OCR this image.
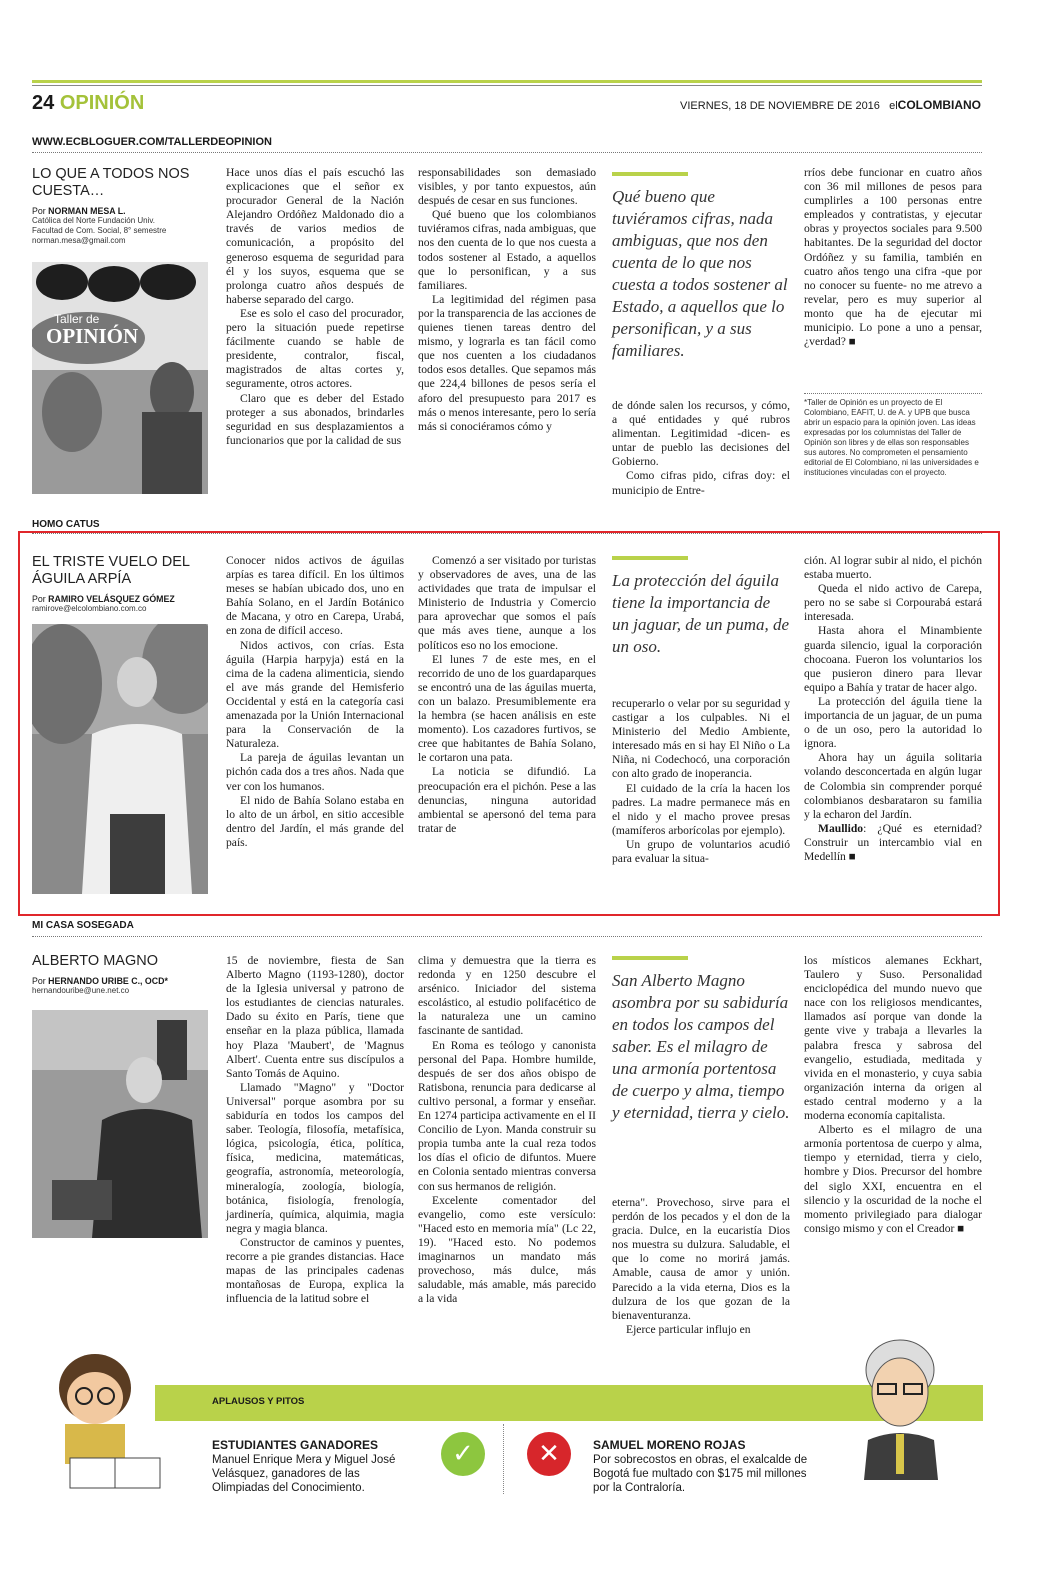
24 OPINIÓN	VIERNES, 18 DE NOVIEMBRE DE 2016 elCOLOMBIANO
WWW.ECBLOGUER.COM/TALLERDEOPINION
LO QUE A TODOS NOS CUESTA…
Por NORMAN MESA L.
Católica del Norte Fundación Univ.
Facultad de Com. Social, 8° semestre
norman.mesa@gmail.com
Taller de
OPINIÓN

Hace unos días el país escuchó las explicaciones que el señor ex procurador General de la Nación Alejandro Ordóñez Maldonado dio a través de varios medios de comunicación, a propósito del generoso esquema de seguridad para él y los suyos, esquema que se prolonga cuatro años después de haberse separado del cargo.

Ese es solo el caso del procurador, pero la situación puede repetirse fácilmente cuando se hable de presidente, contralor, fiscal, magistrados de altas cortes y, seguramente, otros actores.

Claro que es deber del Estado proteger a sus abonados, brindarles seguridad en sus desplazamientos a funcionarios que por la calidad de sus

responsabilidades son demasiado visibles, y por tanto expuestos, aún después de cesar en sus funciones.

Qué bueno que los colombianos tuviéramos cifras, nada ambiguas, que nos den cuenta de lo que nos cuesta a todos sostener al Estado, a aquellos que lo personifican, y a sus familiares.

La legitimidad del régimen pasa por la transparencia de las acciones de quienes tienen tareas dentro del mismo, y lograrla es tan fácil como que nos cuenten a los ciudadanos todos esos detalles. Que sepamos más que 224,4 billones de pesos sería el aforo del presupuesto para 2017 es más o menos interesante, pero lo sería más si conociéramos cómo y

Qué bueno que tuviéramos cifras, nada ambiguas, que nos den cuenta de lo que nos cuesta a todos sostener al Estado, a aquellos que lo personifican, y a sus familiares.

de dónde salen los recursos, y cómo, a qué entidades y qué rubros alimentan. Legitimidad -dicen- es untar de pueblo las decisiones del Gobierno.

Como cifras pido, cifras doy: el municipio de Entre-

rríos debe funcionar en cuatro años con 36 mil millones de pesos para cumplirles a 100 personas entre empleados y contratistas, y ejecutar obras y proyectos sociales para 9.500 habitantes. De la seguridad del doctor Ordóñez y su familia, también en cuatro años tengo una cifra -que por no conocer su fuente- no me atrevo a revelar, pero es muy superior al monto que ha de ejecutar mi municipio. Lo pone a uno a pensar, ¿verdad? ■

*Taller de Opinión es un proyecto de El Colombiano, EAFIT, U. de A. y UPB que busca abrir un espacio para la opinión joven. Las ideas expresadas por los columnistas del Taller de Opinión son libres y de ellas son responsables sus autores. No comprometen el pensamiento editorial de El Colombiano, ni las universidades e instituciones vinculadas con el proyecto.
HOMO CATUS
EL TRISTE VUELO DEL ÁGUILA ARPÍA
Por RAMIRO VELÁSQUEZ GÓMEZ
ramirove@elcolombiano.com.co

Conocer nidos activos de águilas arpías es tarea difícil. En los últimos meses se habían ubicado dos, uno en Bahía Solano, en el Jardín Botánico de Macana, y otro en Carepa, Urabá, en zona de difícil acceso.

Nidos activos, con crías. Esta águila (Harpia harpyja) está en la cima de la cadena alimenticia, siendo el ave más grande del Hemisferio Occidental y está en la categoría casi amenazada por la Unión Internacional para la Conservación de la Naturaleza.

La pareja de águilas levantan un pichón cada dos a tres años. Nada que ver con los humanos.

El nido de Bahía Solano estaba en lo alto de un árbol, en sitio accesible dentro del Jardín, el más grande del país.

Comenzó a ser visitado por turistas y observadores de aves, una de las actividades que trata de impulsar el Ministerio de Industria y Comercio para aprovechar que somos el país que más aves tiene, aunque a los políticos eso no los emocione.

El lunes 7 de este mes, en el recorrido de uno de los guardaparques se encontró una de las águilas muerta, con un balazo. Presumiblemente era la hembra (se hacen análisis en este momento). Los cazadores furtivos, se cree que habitantes de Bahía Solano, le cortaron una pata.

La noticia se difundió. La preocupación era el pichón. Pese a las denuncias, ninguna autoridad ambiental se apersonó del tema para tratar de

La protección del águila tiene la importancia de un jaguar, de un puma, de un oso.

recuperarlo o velar por su seguridad y castigar a los culpables. Ni el Ministerio del Medio Ambiente, interesado más en si hay El Niño o La Niña, ni Codechocó, una corporación con alto grado de inoperancia.

El cuidado de la cría la hacen los padres. La madre permanece más en el nido y el macho provee presas (mamíferos arborícolas por ejemplo).

Un grupo de voluntarios acudió para evaluar la situa-

ción. Al lograr subir al nido, el pichón estaba muerto.

Queda el nido activo de Carepa, pero no se sabe si Corpourabá estará interesada.

Hasta ahora el Minambiente guarda silencio, igual la corporación chocoana. Fueron los voluntarios los que pusieron dinero para llevar equipo a Bahía y tratar de hacer algo.

La protección del águila tiene la importancia de un jaguar, de un puma o de un oso, pero la autoridad lo ignora.

Ahora hay un águila solitaria volando desconcertada en algún lugar de Colombia sin comprender porqué colombianos desbarataron su familia y la echaron del Jardín.

Maullido: ¿Qué es eternidad? Construir un intercambio vial en Medellín ■

MI CASA SOSEGADA
ALBERTO MAGNO
Por HERNANDO URIBE C., OCD*
hernandouribe@une.net.co

15 de noviembre, fiesta de San Alberto Magno (1193-1280), doctor de la Iglesia universal y patrono de los estudiantes de ciencias naturales. Dado su éxito en París, tiene que enseñar en la plaza pública, llamada hoy Plaza 'Maubert', de 'Magnus Albert'. Cuenta entre sus discípulos a Santo Tomás de Aquino.

Llamado "Magno" y "Doctor Universal" porque asombra por su sabiduría en todos los campos del saber. Teología, filosofía, metafísica, lógica, psicología, ética, política, física, medicina, matemáticas, geografía, astronomía, meteorología, mineralogía, zoología, biología, botánica, fisiología, frenología, jardinería, química, alquimia, magia negra y magia blanca.

Constructor de caminos y puentes, recorre a pie grandes distancias. Hace mapas de las principales cadenas montañosas de Europa, explica la influencia de la latitud sobre el

clima y demuestra que la tierra es redonda y en 1250 descubre el arsénico. Iniciador del sistema escolástico, al estudio polifacético de la naturaleza une un camino fascinante de santidad.

En Roma es teólogo y canonista personal del Papa. Hombre humilde, después de ser dos años obispo de Ratisbona, renuncia para dedicarse al cultivo personal, a formar y enseñar. En 1274 participa activamente en el II Concilio de Lyon. Manda construir su propia tumba ante la cual reza todos los días el oficio de difuntos. Muere en Colonia sentado mientras conversa con sus hermanos de religión.

Excelente comentador del evangelio, como este versículo: "Haced esto en memoria mía" (Lc 22, 19). "Haced esto. No podemos imaginarnos un mandato más provechoso, más dulce, más saludable, más amable, más parecido a la vida

San Alberto Magno asombra por su sabiduría en todos los campos del saber. Es el milagro de una armonía portentosa de cuerpo y alma, tiempo y eternidad, tierra y cielo.

eterna". Provechoso, sirve para el perdón de los pecados y el don de la gracia. Dulce, en la eucaristía Dios nos muestra su dulzura. Saludable, el que lo come no morirá jamás. Amable, causa de amor y unión. Parecido a la vida eterna, Dios es la dulzura de los que gozan de la bienaventuranza.

Ejerce particular influjo en

los místicos alemanes Eckhart, Taulero y Suso. Personalidad enciclopédica del mundo nuevo que nace con los religiosos mendicantes, llamados así porque van donde la gente vive y trabaja a llevarles la palabra fresca y sabrosa del evangelio, estudiada, meditada y vivida en el monasterio, y cuya sabia organización interna da origen al estado central moderno y a la moderna economía capitalista.

Alberto es el milagro de una armonía portentosa de cuerpo y alma, tiempo y eternidad, tierra y cielo, hombre y Dios. Precursor del hombre del siglo XXI, encuentra en el silencio y la oscuridad de la noche el momento privilegiado para dialogar consigo mismo y con el Creador ■

APLAUSOS Y PITOS
ESTUDIANTES GANADORES
Manuel Enrique Mera y Miguel José Velásquez, ganadores de las Olimpiadas del Conocimiento.
✓	✕	SAMUEL MORENO ROJAS
Por sobrecostos en obras, el exalcalde de Bogotá fue multado con $175 mil millones por la Contraloría.
